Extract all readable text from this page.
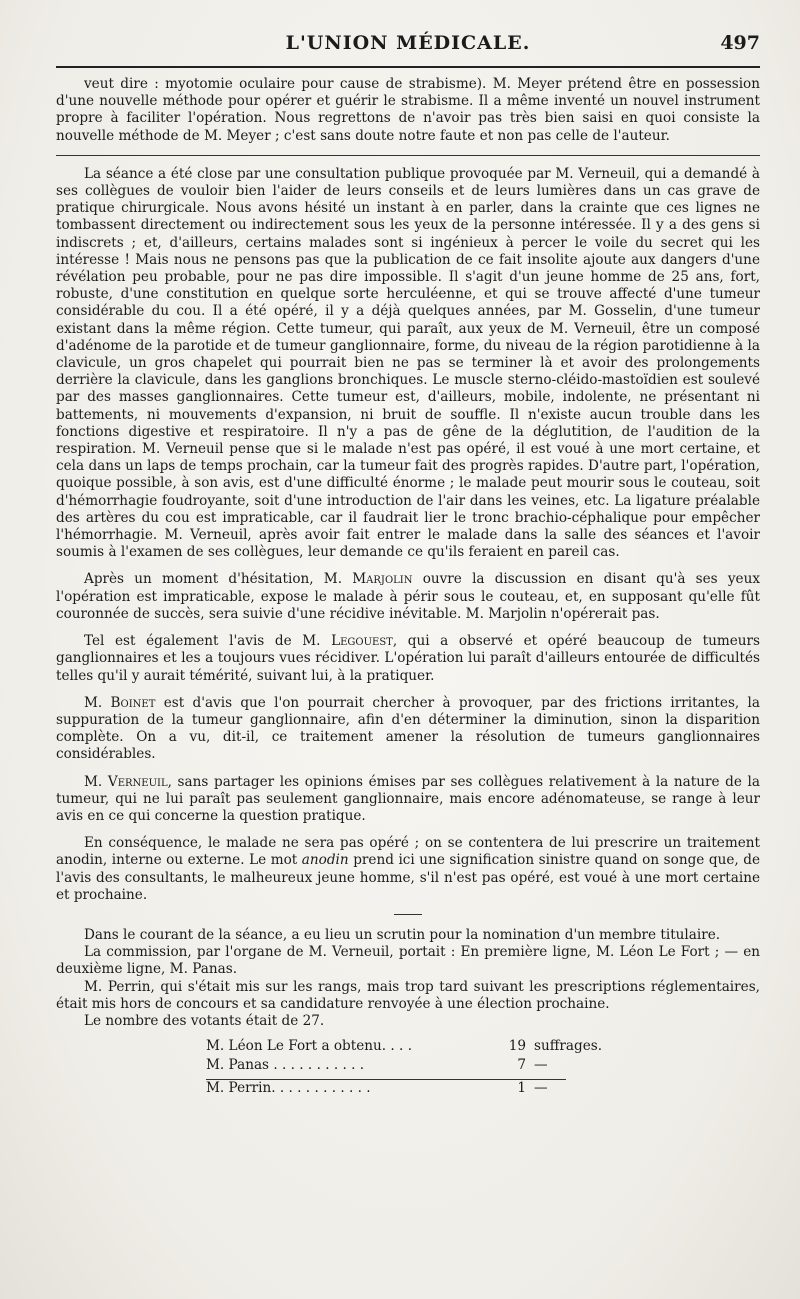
L'UNION MÉDICALE.	497

veut dire : myotomie oculaire pour cause de strabisme). M. Meyer prétend être en possession d'une nouvelle méthode pour opérer et guérir le strabisme. Il a même inventé un nouvel instrument propre à faciliter l'opération. Nous regrettons de n'avoir pas très bien saisi en quoi consiste la nouvelle méthode de M. Meyer ; c'est sans doute notre faute et non pas celle de l'auteur.

La séance a été close par une consultation publique provoquée par M. Verneuil, qui a demandé à ses collègues de vouloir bien l'aider de leurs conseils et de leurs lumières dans un cas grave de pratique chirurgicale. Nous avons hésité un instant à en parler, dans la crainte que ces lignes ne tombassent directement ou indirectement sous les yeux de la personne intéressée. Il y a des gens si indiscrets ; et, d'ailleurs, certains malades sont si ingénieux à percer le voile du secret qui les intéresse ! Mais nous ne pensons pas que la publication de ce fait insolite ajoute aux dangers d'une révélation peu probable, pour ne pas dire impossible. Il s'agit d'un jeune homme de 25 ans, fort, robuste, d'une constitution en quelque sorte herculéenne, et qui se trouve affecté d'une tumeur considérable du cou. Il a été opéré, il y a déjà quelques années, par M. Gosselin, d'une tumeur existant dans la même région. Cette tumeur, qui paraît, aux yeux de M. Verneuil, être un composé d'adénome de la parotide et de tumeur ganglionnaire, forme, du niveau de la région parotidienne à la clavicule, un gros chapelet qui pourrait bien ne pas se terminer là et avoir des prolongements derrière la clavicule, dans les ganglions bronchiques. Le muscle sterno-cléido-mastoïdien est soulevé par des masses ganglionnaires. Cette tumeur est, d'ailleurs, mobile, indolente, ne présentant ni battements, ni mouvements d'expansion, ni bruit de souffle. Il n'existe aucun trouble dans les fonctions digestive et respiratoire. Il n'y a pas de gêne de la déglutition, de l'audition de la respiration. M. Verneuil pense que si le malade n'est pas opéré, il est voué à une mort certaine, et cela dans un laps de temps prochain, car la tumeur fait des progrès rapides. D'autre part, l'opération, quoique possible, à son avis, est d'une difficulté énorme ; le malade peut mourir sous le couteau, soit d'hémorrhagie foudroyante, soit d'une introduction de l'air dans les veines, etc. La ligature préalable des artères du cou est impraticable, car il faudrait lier le tronc brachio-céphalique pour empêcher l'hémorrhagie. M. Verneuil, après avoir fait entrer le malade dans la salle des séances et l'avoir soumis à l'examen de ses collègues, leur demande ce qu'ils feraient en pareil cas.

Après un moment d'hésitation, M. Marjolin ouvre la discussion en disant qu'à ses yeux l'opération est impraticable, expose le malade à périr sous le couteau, et, en supposant qu'elle fût couronnée de succès, sera suivie d'une récidive inévitable. M. Marjolin n'opérerait pas.

Tel est également l'avis de M. Legouest, qui a observé et opéré beaucoup de tumeurs ganglionnaires et les a toujours vues récidiver. L'opération lui paraît d'ailleurs entourée de difficultés telles qu'il y aurait témérité, suivant lui, à la pratiquer.

M. Boinet est d'avis que l'on pourrait chercher à provoquer, par des frictions irritantes, la suppuration de la tumeur ganglionnaire, afin d'en déterminer la diminution, sinon la disparition complète. On a vu, dit-il, ce traitement amener la résolution de tumeurs ganglionnaires considérables.

M. Verneuil, sans partager les opinions émises par ses collègues relativement à la nature de la tumeur, qui ne lui paraît pas seulement ganglionnaire, mais encore adénomateuse, se range à leur avis en ce qui concerne la question pratique.

En conséquence, le malade ne sera pas opéré ; on se contentera de lui prescrire un traitement anodin, interne ou externe. Le mot anodin prend ici une signification sinistre quand on songe que, de l'avis des consultants, le malheureux jeune homme, s'il n'est pas opéré, est voué à une mort certaine et prochaine.

Dans le courant de la séance, a eu lieu un scrutin pour la nomination d'un membre titulaire.

La commission, par l'organe de M. Verneuil, portait : En première ligne, M. Léon Le Fort ; — en deuxième ligne, M. Panas.

M. Perrin, qui s'était mis sur les rangs, mais trop tard suivant les prescriptions réglementaires, était mis hors de concours et sa candidature renvoyée à une élection prochaine.

Le nombre des votants était de 27.

M. Léon Le Fort a obtenu. . . .	19 suffrages.
M. Panas . . . . . . . . . . .	7 —
M. Perrin. . . . . . . . . . . .	1 —
